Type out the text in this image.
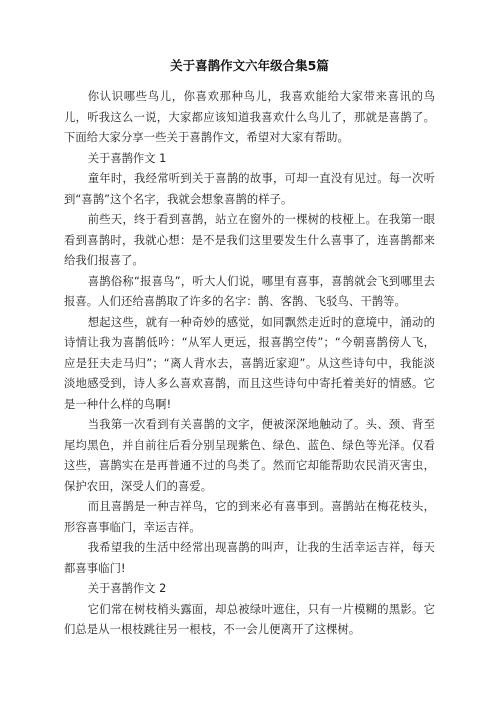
关于喜鹊作文六年级合集5篇

你认识哪些鸟儿，你喜欢那种鸟儿，我喜欢能给大家带来喜讯的鸟儿，听我这么一说，大家都应该知道我喜欢什么鸟儿了，那就是喜鹊了。下面给大家分享一些关于喜鹊作文，希望对大家有帮助。

关于喜鹊作文 1

童年时，我经常听到关于喜鹊的故事，可却一直没有见过。每一次听到“喜鹊”这个名字，我就会想象喜鹊的样子。

前些天，终于看到喜鹊，站立在窗外的一棵树的枝桠上。在我第一眼看到喜鹊时，我就心想：是不是我们这里要发生什么喜事了，连喜鹊都来给我们报喜了。

喜鹊俗称“报喜鸟”，听大人们说，哪里有喜事，喜鹊就会飞到哪里去报喜。人们还给喜鹊取了许多的名字：鹊、客鹊、飞驳鸟、干鹊等。

想起这些，就有一种奇妙的感觉，如同飘然走近时的意境中，涌动的诗情让我为喜鹊低吟：“从军人更远，报喜鹊空传”；“今朝喜鹊傍人飞，应是狂夫走马归”；“离人背水去，喜鹊近家迎”。从这些诗句中，我能淡淡地感受到，诗人多么喜欢喜鹊，而且这些诗句中寄托着美好的情感。它是一种什么样的鸟啊!

当我第一次看到有关喜鹊的文字，便被深深地触动了。头、颈、背至尾均黑色，并自前往后看分别呈现紫色、绿色、蓝色、绿色等光泽。仅看这些，喜鹊实在是再普通不过的鸟类了。然而它却能帮助农民消灭害虫，保护农田，深受人们的喜爱。

而且喜鹊是一种吉祥鸟，它的到来必有喜事到。喜鹊站在梅花枝头，形容喜事临门，幸运吉祥。

我希望我的生活中经常出现喜鹊的叫声，让我的生活幸运吉祥，每天都喜事临门!

关于喜鹊作文 2

它们常在树枝梢头露面，却总被绿叶遮住，只有一片模糊的黑影。它们总是从一根枝跳往另一根枝，不一会儿便离开了这棵树。
